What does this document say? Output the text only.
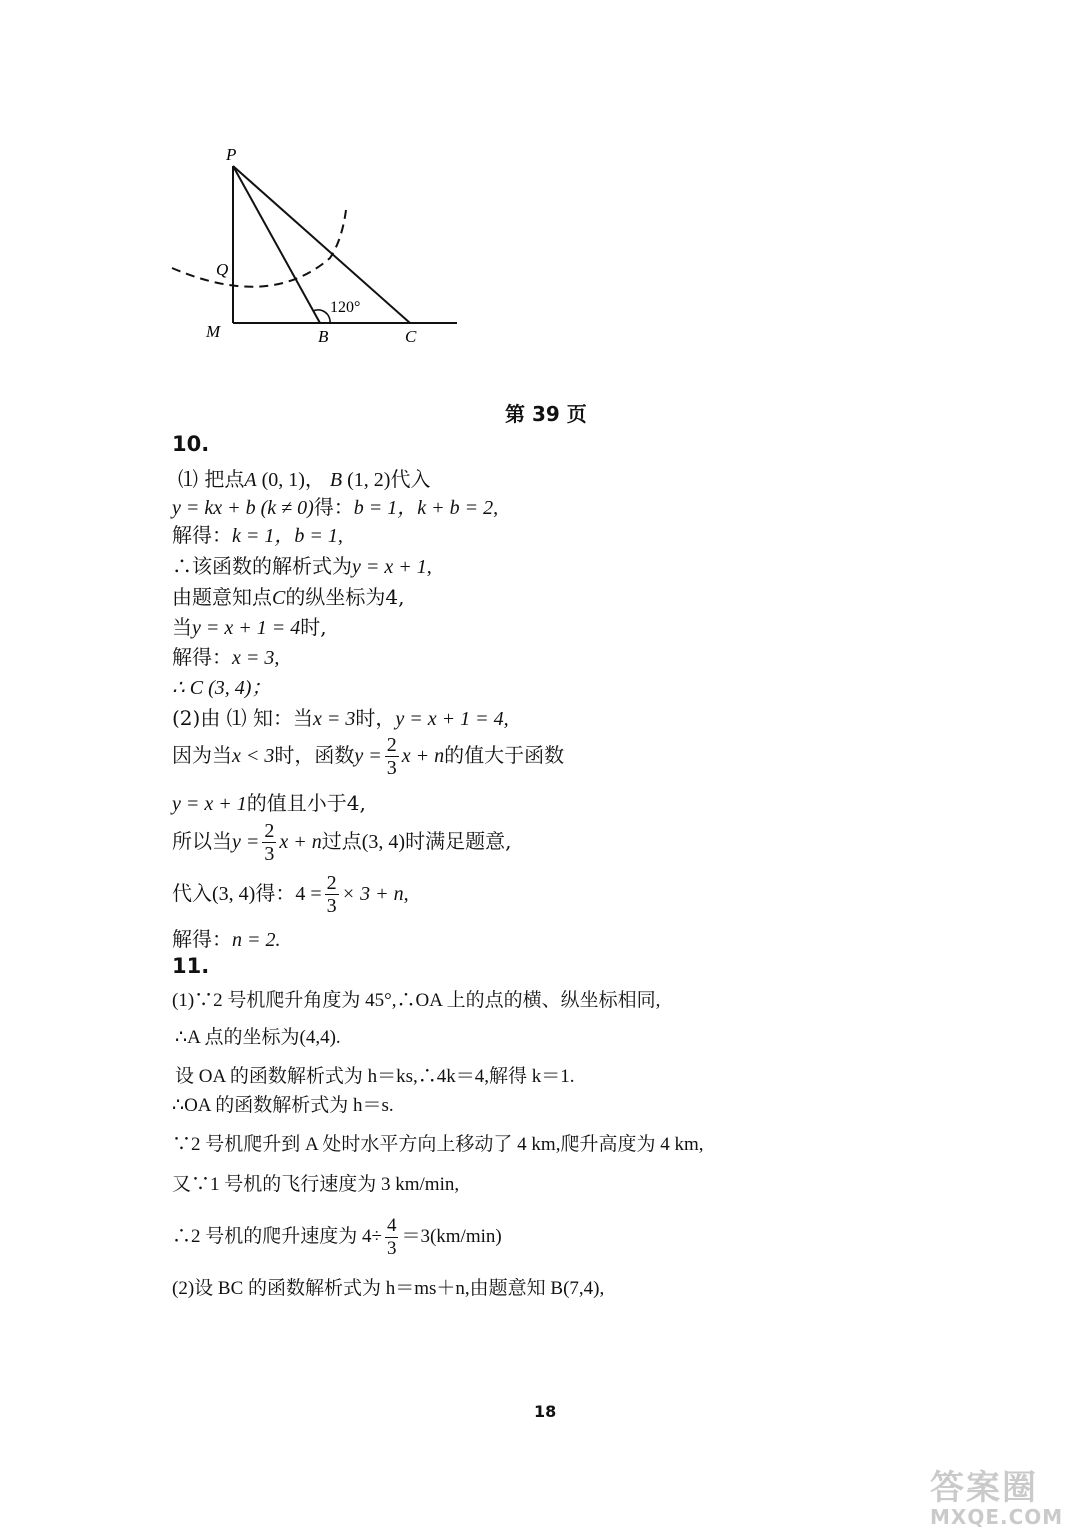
P
Q
M	B	C
120°
第 39 页
10.
⑴ 把点A (0, 1)， B (1, 2)代入
y = kx + b (k ≠ 0)得：b = 1，k + b = 2,
解得：k = 1，b = 1,
∴该函数的解析式为y = x + 1,
由题意知点C的纵坐标为4,
当y = x + 1 = 4时,
解得：x = 3,
∴ C (3, 4)；
(2)由 ⑴ 知：当x = 3时，y = x + 1 = 4,
因为当x < 3时，函数$y = \frac{2}{3}$ x + n的值大于函数
y = x + 1的值且小于4,
所以当$y = \frac{2}{3}$ x + n过点(3, 4)时满足题意,
代入(3, 4)得：$4 = \frac{2}{3} \times 3 + n$,
解得：n = 2.
11.
(1)∵2 号机爬升角度为 45°,∴OA 上的点的横、纵坐标相同,
∴A 点的坐标为(4,4).
设 OA 的函数解析式为 h＝ks,∴4k＝4,解得 k＝1.
∴OA 的函数解析式为 h＝s.
∵2 号机爬升到 A 处时水平方向上移动了 4 km,爬升高度为 4 km,
又∵1 号机的飞行速度为 3 km/min,
∴2 号机的爬升速度为 $4\div \frac{4}{3} =3(km/\min)$
(2)设 BC 的函数解析式为 h＝ms＋n,由题意知 B(7,4),
18
答案圈
MXQE.COM
